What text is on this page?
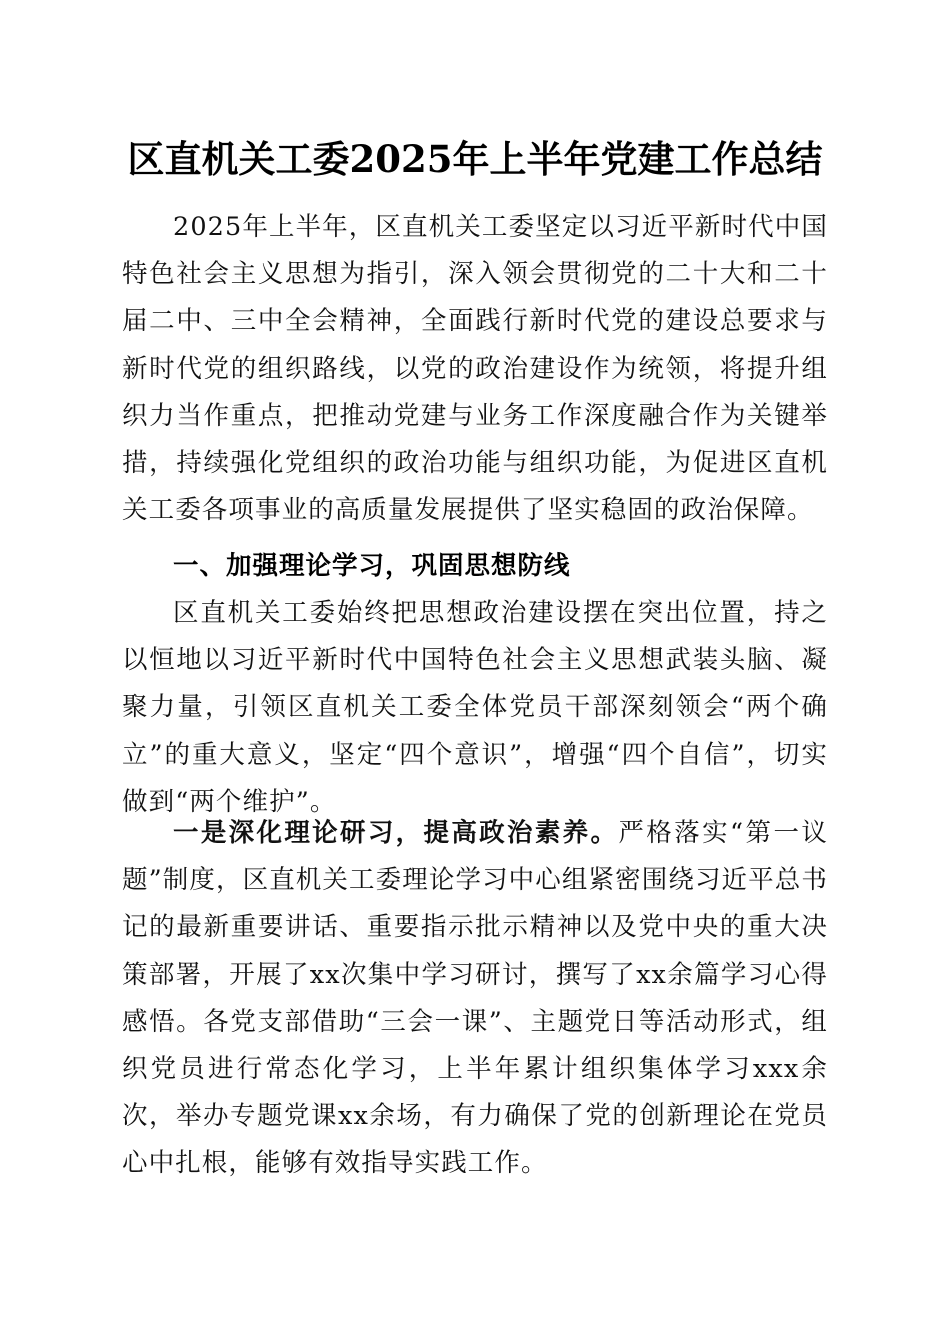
区直机关工委2025年上半年党建工作总结

2025年上半年，区直机关工委坚定以习近平新时代中国特色社会主义思想为指引，深入领会贯彻党的二十大和二十届二中、三中全会精神，全面践行新时代党的建设总要求与新时代党的组织路线，以党的政治建设作为统领，将提升组织力当作重点，把推动党建与业务工作深度融合作为关键举措，持续强化党组织的政治功能与组织功能，为促进区直机关工委各项事业的高质量发展提供了坚实稳固的政治保障。

一、加强理论学习，巩固思想防线

区直机关工委始终把思想政治建设摆在突出位置，持之以恒地以习近平新时代中国特色社会主义思想武装头脑、凝聚力量，引领区直机关工委全体党员干部深刻领会“两个确立”的重大意义，坚定“四个意识”，增强“四个自信”，切实做到“两个维护”。

一是深化理论研习，提高政治素养。严格落实“第一议题”制度，区直机关工委理论学习中心组紧密围绕习近平总书记的最新重要讲话、重要指示批示精神以及党中央的重大决策部署，开展了xx次集中学习研讨，撰写了xx余篇学习心得感悟。各党支部借助“三会一课”、主题党日等活动形式，组织党员进行常态化学习，上半年累计组织集体学习xxx余次，举办专题党课xx余场，有力确保了党的创新理论在党员心中扎根，能够有效指导实践工作。
